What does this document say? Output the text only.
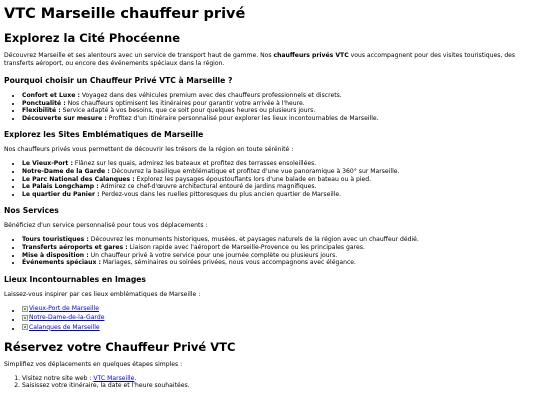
VTC Marseille chauffeur privé
Explorez la Cité Phocéenne

Découvrez Marseille et ses alentours avec un service de transport haut de gamme. Nos chauffeurs privés VTC vous accompagnent pour des visites touristiques, des transferts aéroport, ou encore des événements spéciaux dans la région.

Pourquoi choisir un Chauffeur Privé VTC à Marseille ?
• Confort et Luxe : Voyagez dans des véhicules premium avec des chauffeurs professionnels et discrets.
• Ponctualité : Nos chauffeurs optimisent les itinéraires pour garantir votre arrivée à l'heure.
• Flexibilité : Service adapté à vos besoins, que ce soit pour quelques heures ou plusieurs jours.
• Découverte sur mesure : Profitez d'un itinéraire personnalisé pour explorer les lieux incontournables de Marseille.
Explorez les Sites Emblématiques de Marseille

Nos chauffeurs privés vous permettent de découvrir les trésors de la région en toute sérénité :

• Le Vieux-Port : Flânez sur les quais, admirez les bateaux et profitez des terrasses ensoleillées.
• Notre-Dame de la Garde : Découvrez la basilique emblématique et profitez d'une vue panoramique à 360° sur Marseille.
• Le Parc National des Calanques : Explorez les paysages époustouflants lors d'une balade en bateau ou à pied.
• Le Palais Longchamp : Admirez ce chef-d'œuvre architectural entouré de jardins magnifiques.
• Le quartier du Panier : Perdez-vous dans les ruelles pittoresques du plus ancien quartier de Marseille.
Nos Services

Bénéficiez d'un service personnalisé pour tous vos déplacements :

• Tours touristiques : Découvrez les monuments historiques, musées, et paysages naturels de la région avec un chauffeur dédié.
• Transferts aéroports et gares : Liaison rapide avec l'aéroport de Marseille-Provence ou les principales gares.
• Mise à disposition : Un chauffeur privé à votre service pour une journée complète ou plusieurs jours.
• Événements spéciaux : Mariages, séminaires ou soirées privées, nous vous accompagnons avec élégance.
Lieux Incontournables en Images

Laissez-vous inspirer par ces lieux emblématiques de Marseille :

• Vieux-Port de Marseille
• Notre-Dame-de-la-Garde
• Calanques de Marseille
Réservez votre Chauffeur Privé VTC

Simplifiez vos déplacements en quelques étapes simples :

1. Visitez notre site web : VTC Marseille.
2. Saisissez votre itinéraire, la date et l'heure souhaitées.
